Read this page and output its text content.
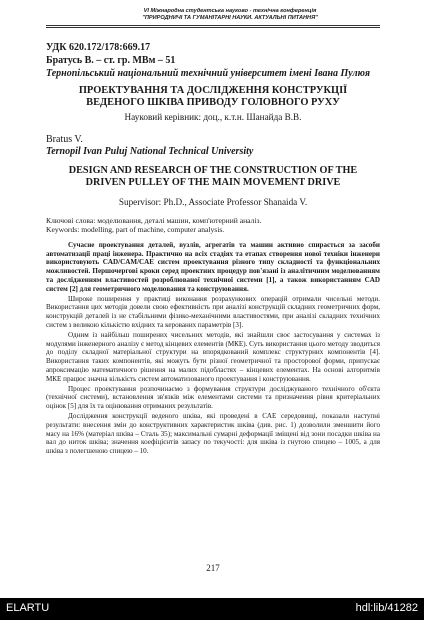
VI Міжнародна студентська науково - технічна конференція
"ПРИРОДНИЧІ ТА ГУМАНІТАРНІ НАУКИ. АКТУАЛЬНІ ПИТАННЯ"
УДК 620.172/178:669.17
Братусь В. – ст. гр. МВм – 51
Тернопільський національний технічний університет імені Івана Пулюя
ПРОЕКТУВАННЯ ТА ДОСЛІДЖЕННЯ КОНСТРУКЦІЇ
ВЕДЕНОГО ШКІВА ПРИВОДУ ГОЛОВНОГО РУХУ
Науковий керівник: доц., к.т.н. Шанайда В.В.
Bratus V.
Ternopil Ivan Puluj National Technical University
DESIGN AND RESEARCH OF THE CONSTRUCTION OF THE
DRIVEN PULLEY OF THE MAIN MOVEMENT DRIVE
Supervisor: Ph.D., Associate Professor Shanaida V.
Ключові слова: моделювання, деталі машин, комп'ютерний аналіз.
Keywords: modelling, part of machine, computer analysis.

Сучасне проектування деталей, вузлів, агрегатів та машин активно спирається за засоби автоматизації праці інженера. Практично на всіх стадіях та етапах створення нової техніки інженери використовують CAD/CAM/CAE систем проектування різного типу складності та функціональних можливостей. Першочергові кроки серед проектних процедур пов'язані із аналітичним моделюванням та дослідженням властивостей розроблюваної технічної системи [1], а також використанням CAD систем [2] для геометричного моделювання та конструювання.

Широке поширення у практиці виконання розрахункових операцій отримали чисельні методи. Використання цих методів довели свою ефективність при аналізі конструкцій складних геометричних форм, конструкцій деталей із не стабільними фізико-механічними властивостями, при аналізі складних технічних систем з великою кількістю вхідних та керованих параметрів [3].

Одним із найбільш поширених чисельних методів, які знайшли своє застосування у системах із модулями інженерного аналізу є метод кінцевих елементів (МКЕ). Суть використання цього методу зводиться до поділу складної матеріальної структури на впорядкований комплекс структурних компонентів [4]. Використання таких компонентів, які можуть бути різної геометричної та просторової форми, припускає апроксимацію математичного рішення на малих підобластях – кінцевих елементах. На основі алгоритмів МКЕ працює значна кількість систем автоматизованого проектування і конструювання.

Процес проектування розпочинаємо з формування структури досліджуваного технічного об'єкта (технічної системи), встановлення зв'язків між елементами системи та призначення рівня критеріальних оцінок [5] для їх та оцінювання отриманих результатів.

Дослідження конструкції веденого шківа, які проведені в CAE середовищі, показали наступні результати: внесення змін до конструктивних характеристик шківа (див. рис. 1) дозволили зменшити його масу на 16% (матеріал шківа – Сталь 35); максимальні сумарні деформації зміщені від зони посадки шківа на вал до ниток шківа; значення коефіцієнтів запасу по текучості: для шківа із гнутою спицею – 1005, а для шківа з полегшеною спицею – 10.

217
ELARTU	hdl:lib/41282
